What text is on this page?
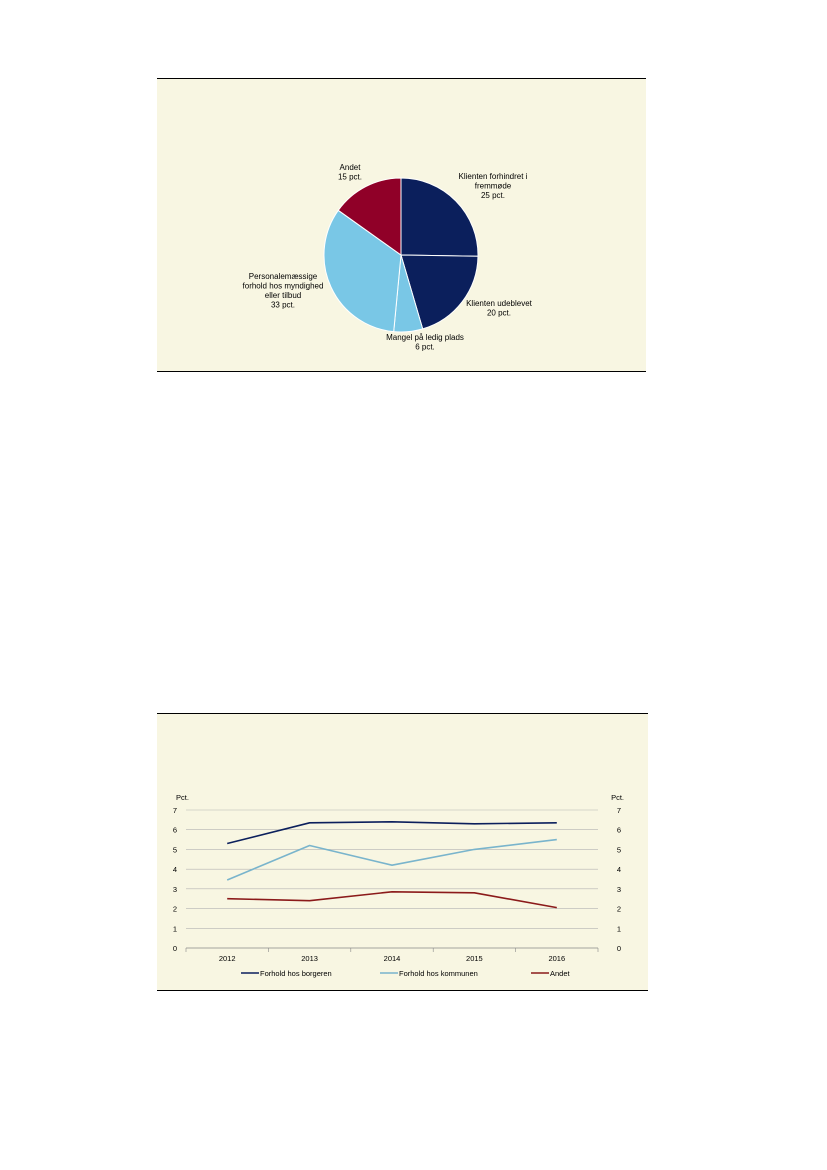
Klienten forhindret i fremmøde 25 pct.
Klienten udeblevet 20 pct.
Mangel på ledig plads 6 pct.
Personalemæssige forhold hos myndighed eller tilbud 33 pct.
Andet 15 pct.
0	0
1	1
2	2
3	3
4	4
5	5
6	6
7	7
2012	2013	2014	2015	2016
Pct.	Pct.
Forhold hos borgeren	Forhold hos kommunen	Andet
